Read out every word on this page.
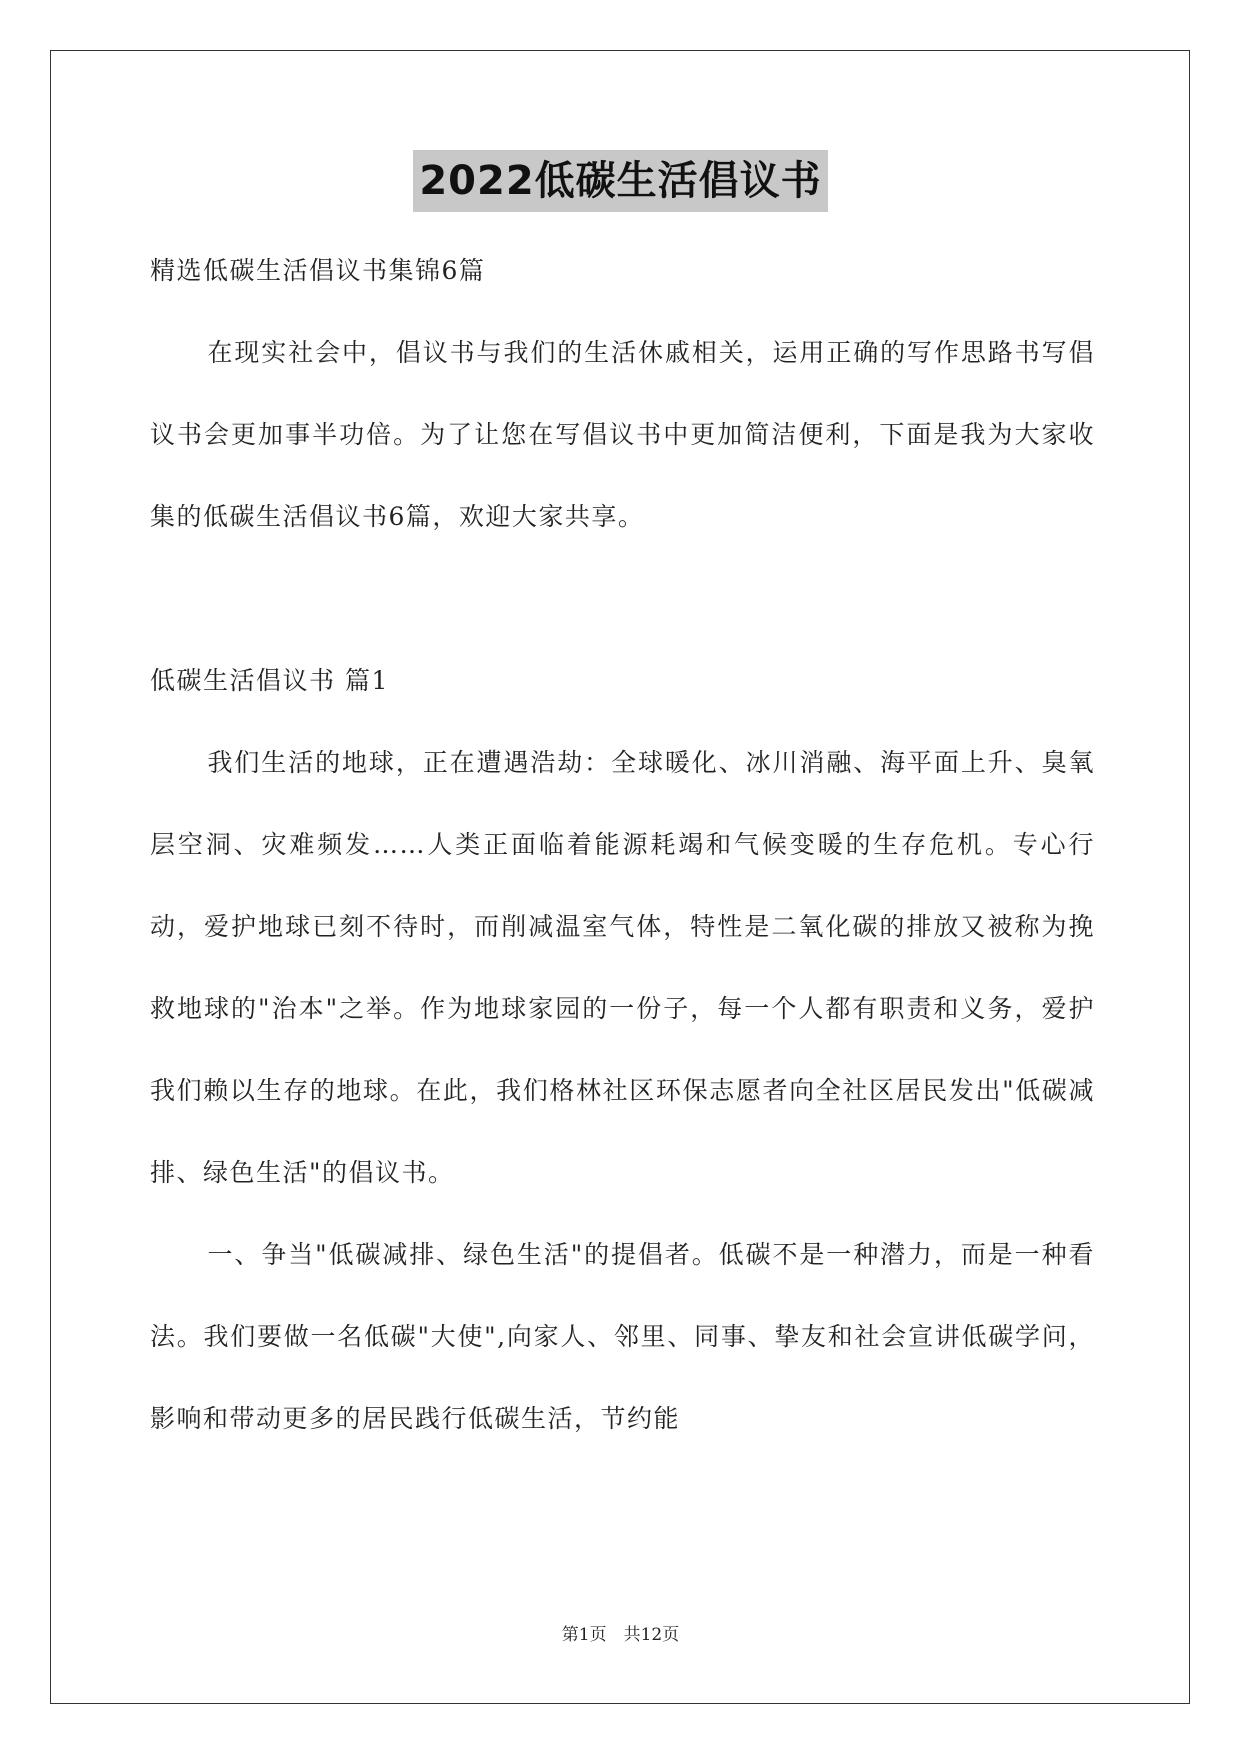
2022低碳生活倡议书

精选低碳生活倡议书集锦6篇

在现实社会中，倡议书与我们的生活休戚相关，运用正确的写作思路书写倡议书会更加事半功倍。为了让您在写倡议书中更加简洁便利，下面是我为大家收集的低碳生活倡议书6篇，欢迎大家共享。

低碳生活倡议书 篇1

我们生活的地球，正在遭遇浩劫：全球暖化、冰川消融、海平面上升、臭氧层空洞、灾难频发……人类正面临着能源耗竭和气候变暖的生存危机。专心行动，爱护地球已刻不待时，而削减温室气体，特性是二氧化碳的排放又被称为挽救地球的"治本"之举。作为地球家园的一份子，每一个人都有职责和义务，爱护我们赖以生存的地球。在此，我们格林社区环保志愿者向全社区居民发出"低碳减排、绿色生活"的倡议书。

一、争当"低碳减排、绿色生活"的提倡者。低碳不是一种潜力，而是一种看法。我们要做一名低碳"大使",向家人、邻里、同事、挚友和社会宣讲低碳学问，影响和带动更多的居民践行低碳生活，节约能

第1页　共12页
